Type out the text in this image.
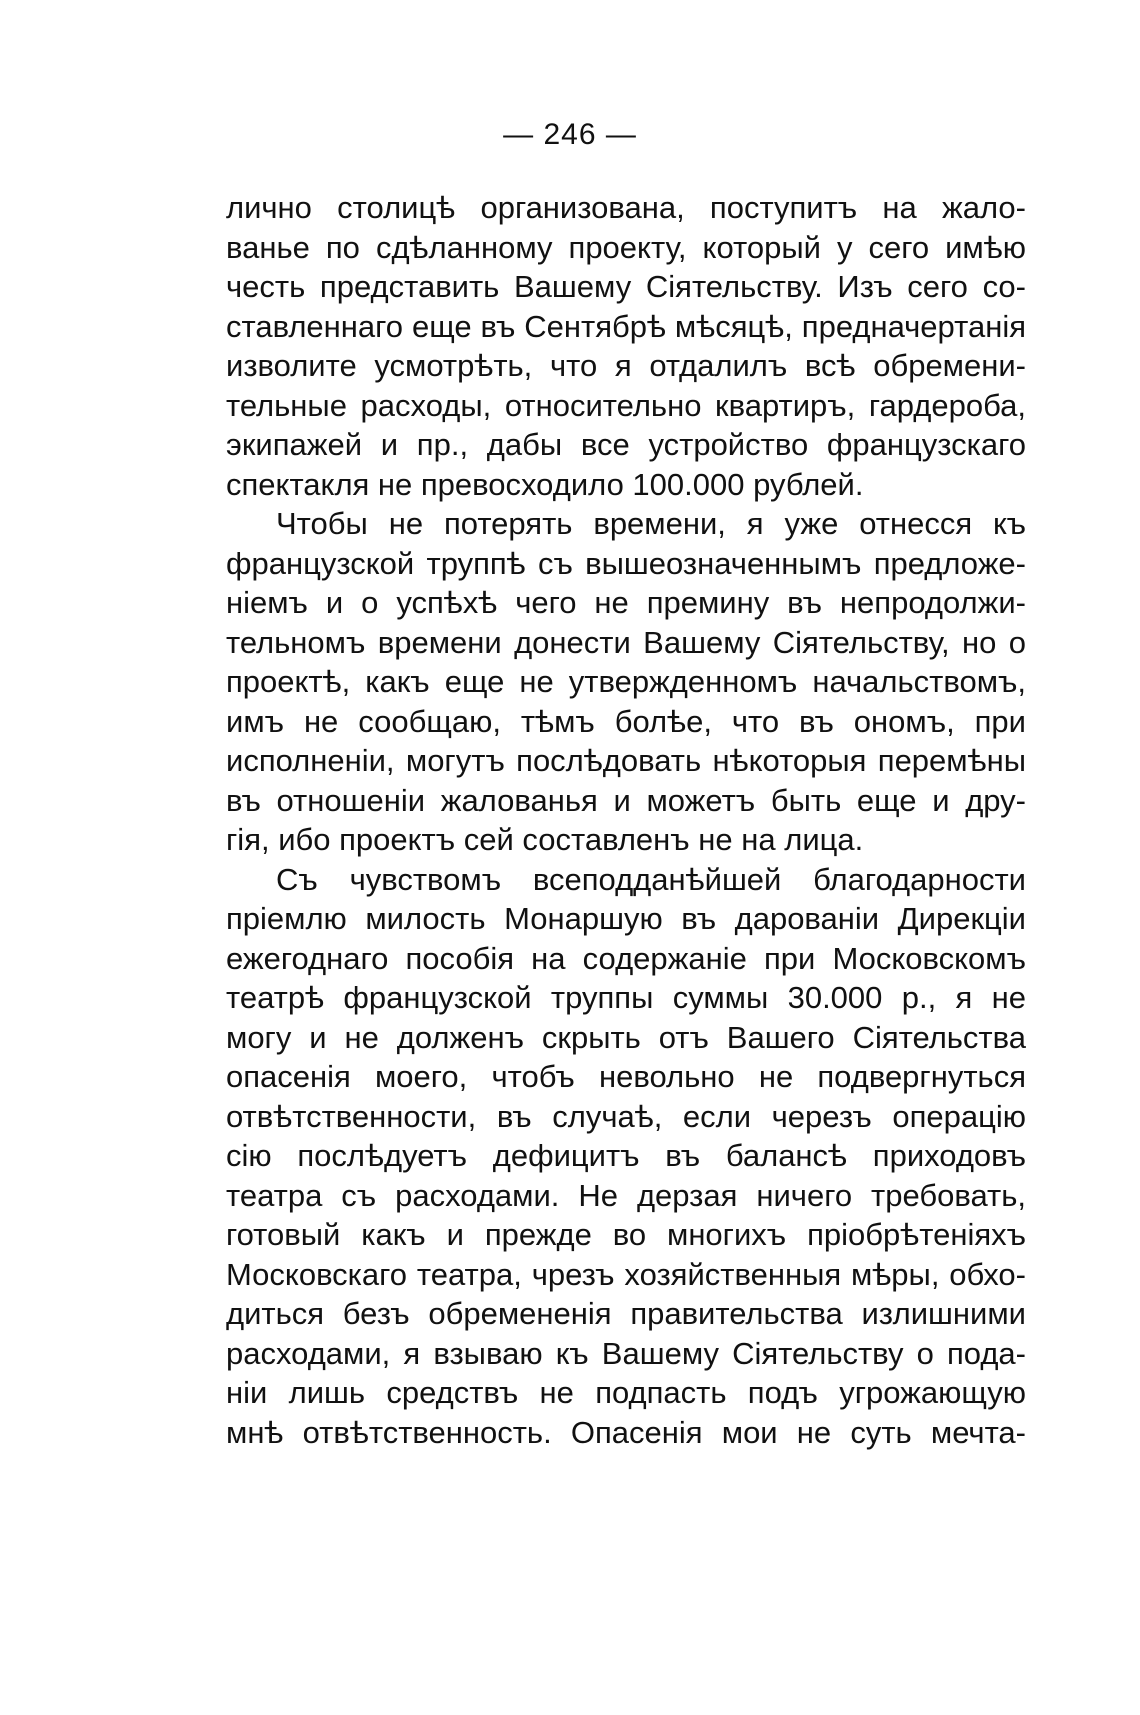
— 246 —
лично столицѣ организована, поступитъ на жало-
ванье по сдѣланному проекту, который у сего имѣю
честь представить Вашему Сіятельству. Изъ сего со-
ставленнаго еще въ Сентябрѣ мѣсяцѣ, предначертанія
изволите усмотрѣть, что я отдалилъ всѣ обремени-
тельные расходы, относительно квартиръ, гардероба,
экипажей и пр., дабы все устройство французскаго
спектакля не превосходило 100.000 рублей.
Чтобы не потерять времени, я уже отнесся къ
французской труппѣ съ вышеозначеннымъ предложе-
ніемъ и о успѣхѣ чего не премину въ непродолжи-
тельномъ времени донести Вашему Сіятельству, но о
проектѣ, какъ еще не утвержденномъ начальствомъ,
имъ не сообщаю, тѣмъ болѣе, что въ ономъ, при
исполненіи, могутъ послѣдовать нѣкоторыя перемѣны
въ отношеніи жалованья и можетъ быть еще и дру-
гія, ибо проектъ сей составленъ не на лица.
Съ чувствомъ всеподданѣйшей благодарности
пріемлю милость Монаршую въ дарованіи Дирекціи
ежегоднаго пособія на содержаніе при Московскомъ
театрѣ французской труппы суммы 30.000 р., я не
могу и не долженъ скрыть отъ Вашего Сіятельства
опасенія моего, чтобъ невольно не подвергнуться
отвѣтственности, въ случаѣ, если черезъ операцію
сію послѣдуетъ дефицитъ въ балансѣ приходовъ
театра съ расходами. Не дерзая ничего требовать,
готовый какъ и прежде во многихъ пріобрѣтеніяхъ
Московскаго театра, чрезъ хозяйственныя мѣры, обхо-
диться безъ обремененія правительства излишними
расходами, я взываю къ Вашему Сіятельству о пода-
ніи лишь средствъ не подпасть подъ угрожающую
мнѣ отвѣтственность. Опасенія мои не суть мечта-
